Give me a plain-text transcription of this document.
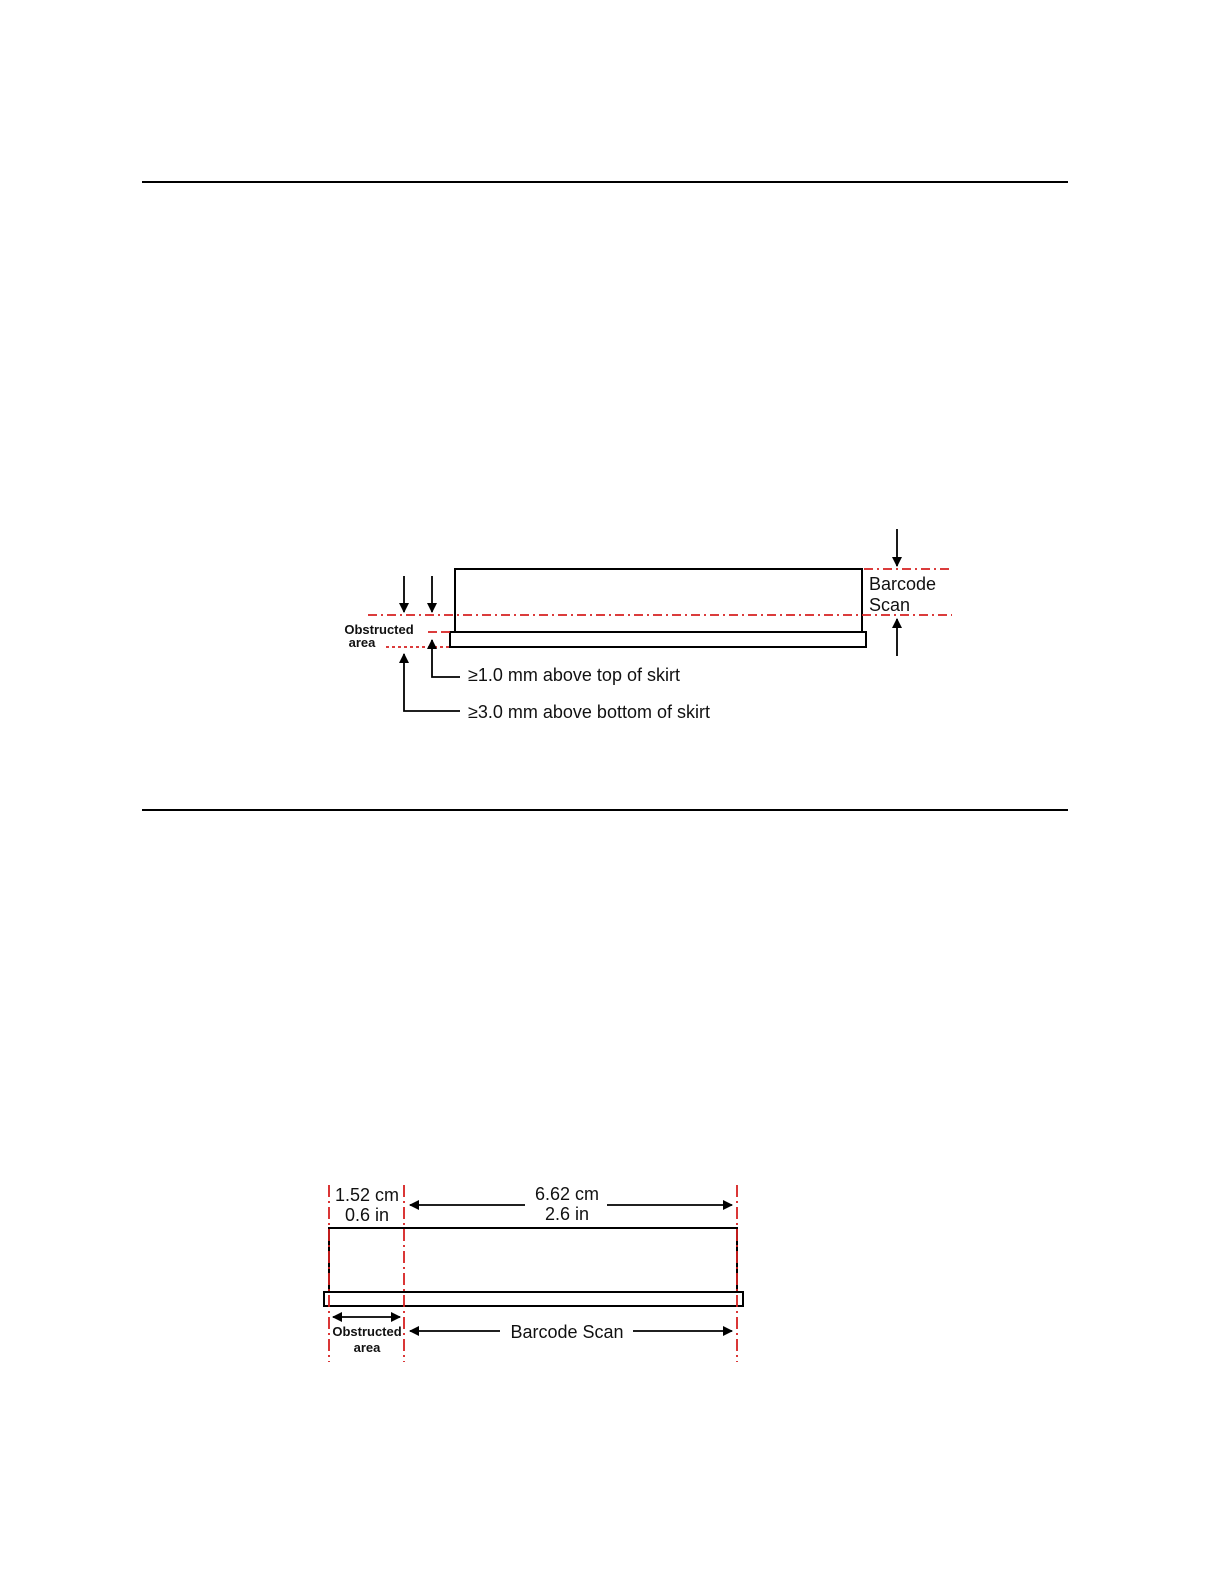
Barcode
Scan
Obstructed
area
≥1.0 mm above top of skirt
≥3.0 mm above bottom of skirt
1.52 cm
0.6 in
6.62 cm
2.6 in
Obstructed
area
Barcode Scan
